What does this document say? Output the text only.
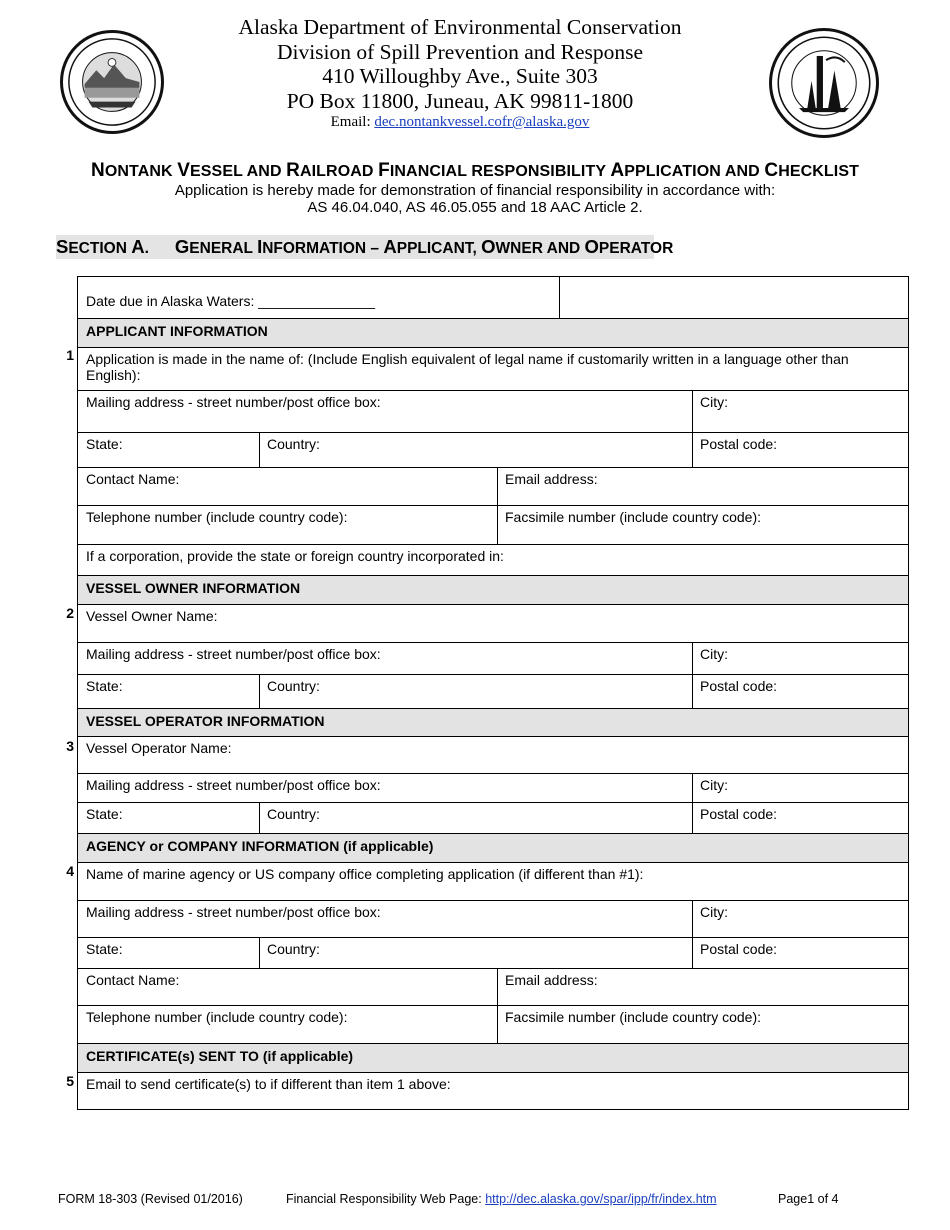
Alaska Department of Environmental Conservation
Division of Spill Prevention and Response
410 Willoughby Ave., Suite 303
PO Box 11800, Juneau, AK 99811-1800
Email: dec.nontankvessel.cofr@alaska.gov
NONTANK VESSEL AND RAILROAD FINANCIAL RESPONSIBILITY APPLICATION AND CHECKLIST
Application is hereby made for demonstration of financial responsibility in accordance with:
AS 46.04.040, AS 46.05.055 and 18 AAC Article 2.
SECTION A. GENERAL INFORMATION – APPLICANT, OWNER AND OPERATOR
1
2
3
4
5
APPLICANT INFORMATION
VESSEL OWNER INFORMATION
VESSEL OPERATOR INFORMATION
AGENCY or COMPANY INFORMATION (if applicable)
CERTIFICATE(s) SENT TO (if applicable)
Date due in Alaska Waters: _______________
Application is made in the name of: (Include English equivalent of legal name if customarily written in a language other than English):
Mailing address - street number/post office box:	City:
State:	Country:	Postal code:
Contact Name:	Email address:
Telephone number (include country code):	Facsimile number (include country code):
If a corporation, provide the state or foreign country incorporated in:
Vessel Owner Name:
Mailing address - street number/post office box:	City:
State:	Country:	Postal code:
Vessel Operator Name:
Mailing address - street number/post office box:	City:
State:	Country:	Postal code:
Name of marine agency or US company office completing application (if different than #1):
Mailing address - street number/post office box:	City:
State:	Country:	Postal code:
Contact Name:	Email address:
Telephone number (include country code):	Facsimile number (include country code):
Email to send certificate(s) to if different than item 1 above:
FORM 18-303 (Revised 01/2016)	Financial Responsibility Web Page: http://dec.alaska.gov/spar/ipp/fr/index.htm	Page1 of 4
